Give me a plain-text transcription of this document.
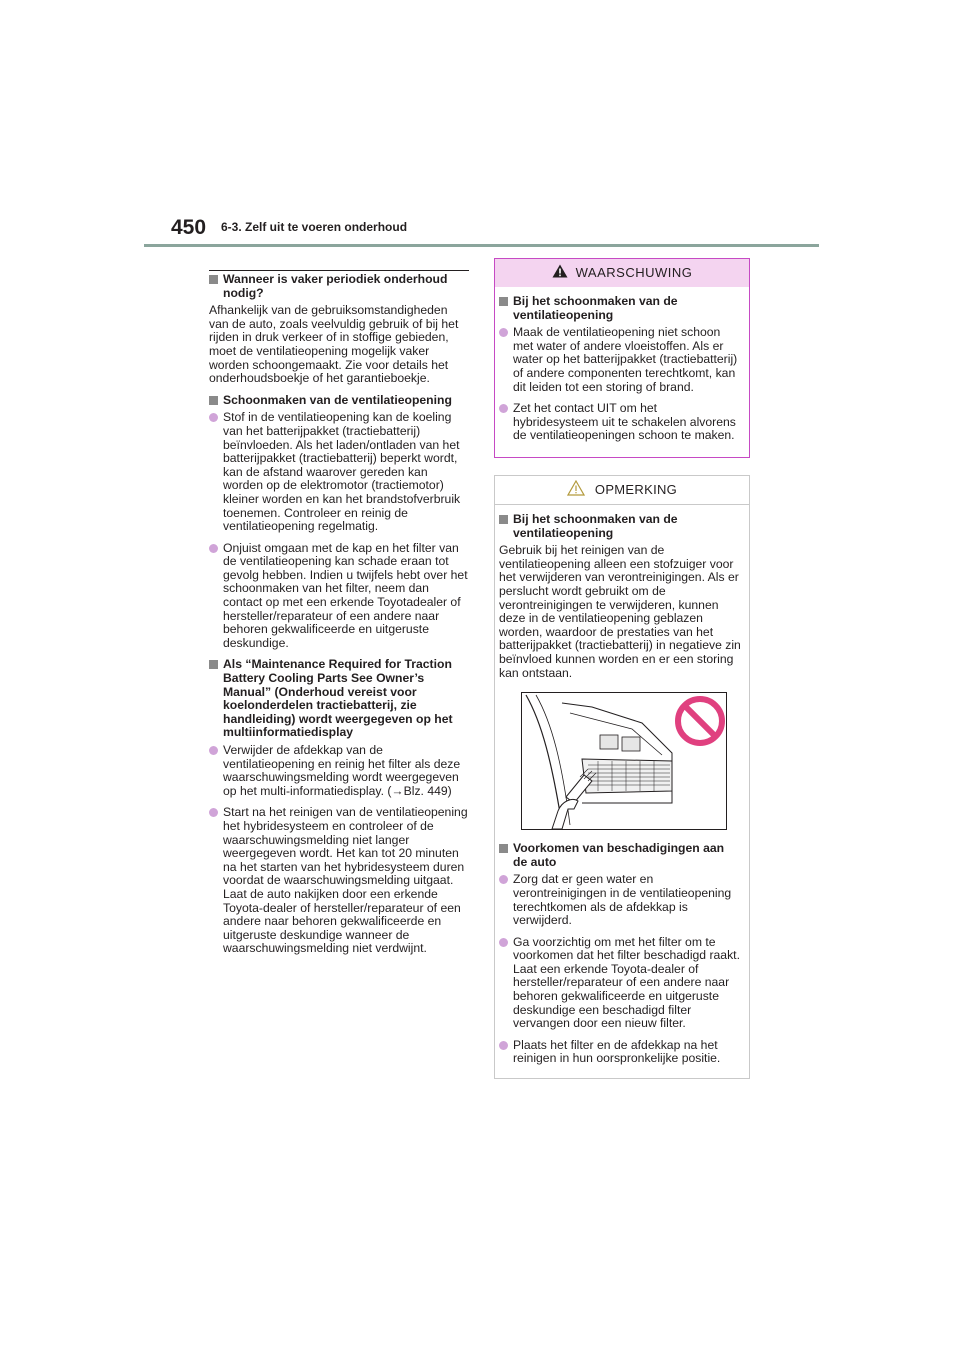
450 6-3. Zelf uit te voeren onderhoud
Wanneer is vaker periodiek onderhoud nodig?
Afhankelijk van de gebruiksomstandigheden van de auto, zoals veelvuldig gebruik of bij het rijden in druk verkeer of in stoffige gebieden, moet de ventilatieopening mogelijk vaker worden schoongemaakt. Zie voor details het onderhoudsboekje of het garantieboekje.
Schoonmaken van de ventilatieopening
Stof in de ventilatieopening kan de koeling van het batterijpakket (tractiebatterij) beïnvloeden. Als het laden/ontladen van het batterijpakket (tractiebatterij) beperkt wordt, kan de afstand waarover gereden kan worden op de elektromotor (tractiemotor) kleiner worden en kan het brandstofverbruik toenemen. Controleer en reinig de ventilatieopening regelmatig.
Onjuist omgaan met de kap en het filter van de ventilatieopening kan schade eraan tot gevolg hebben. Indien u twijfels hebt over het schoonmaken van het filter, neem dan contact op met een erkende Toyotadealer of hersteller/reparateur of een andere naar behoren gekwalificeerde en uitgeruste deskundige.
Als “Maintenance Required for Traction Battery Cooling Parts See Owner’s Manual” (Onderhoud vereist voor koelonderdelen tractiebatterij, zie handleiding) wordt weergegeven op het multiinformatiedisplay
Verwijder de afdekkap van de ventilatieopening en reinig het filter als deze waarschuwingsmelding wordt weergegeven op het multi-informatiedisplay. (→Blz. 449)
Start na het reinigen van de ventilatieopening het hybridesysteem en controleer of de waarschuwingsmelding niet langer weergegeven wordt. Het kan tot 20 minuten na het starten van het hybridesysteem duren voordat de waarschuwingsmelding uitgaat. Laat de auto nakijken door een erkende Toyota-dealer of hersteller/reparateur of een andere naar behoren gekwalificeerde en uitgeruste deskundige wanneer de waarschuwingsmelding niet verdwijnt.
WAARSCHUWING
Bij het schoonmaken van de ventilatieopening
Maak de ventilatieopening niet schoon met water of andere vloeistoffen. Als er water op het batterijpakket (tractiebatterij) of andere componenten terechtkomt, kan dit leiden tot een storing of brand.
Zet het contact UIT om het hybridesysteem uit te schakelen alvorens de ventilatieopeningen schoon te maken.
OPMERKING
Bij het schoonmaken van de ventilatieopening
Gebruik bij het reinigen van de ventilatieopening alleen een stofzuiger voor het verwijderen van verontreinigingen. Als er perslucht wordt gebruikt om de verontreinigingen te verwijderen, kunnen deze in de ventilatieopening geblazen worden, waardoor de prestaties van het batterijpakket (tractiebatterij) in negatieve zin beïnvloed kunnen worden en er een storing kan ontstaan.
Voorkomen van beschadigingen aan de auto
Zorg dat er geen water en verontreinigingen in de ventilatieopening terechtkomen als de afdekkap is verwijderd.
Ga voorzichtig om met het filter om te voorkomen dat het filter beschadigd raakt. Laat een erkende Toyota-dealer of hersteller/reparateur of een andere naar behoren gekwalificeerde en uitgeruste deskundige een beschadigd filter vervangen door een nieuw filter.
Plaats het filter en de afdekkap na het reinigen in hun oorspronkelijke positie.
